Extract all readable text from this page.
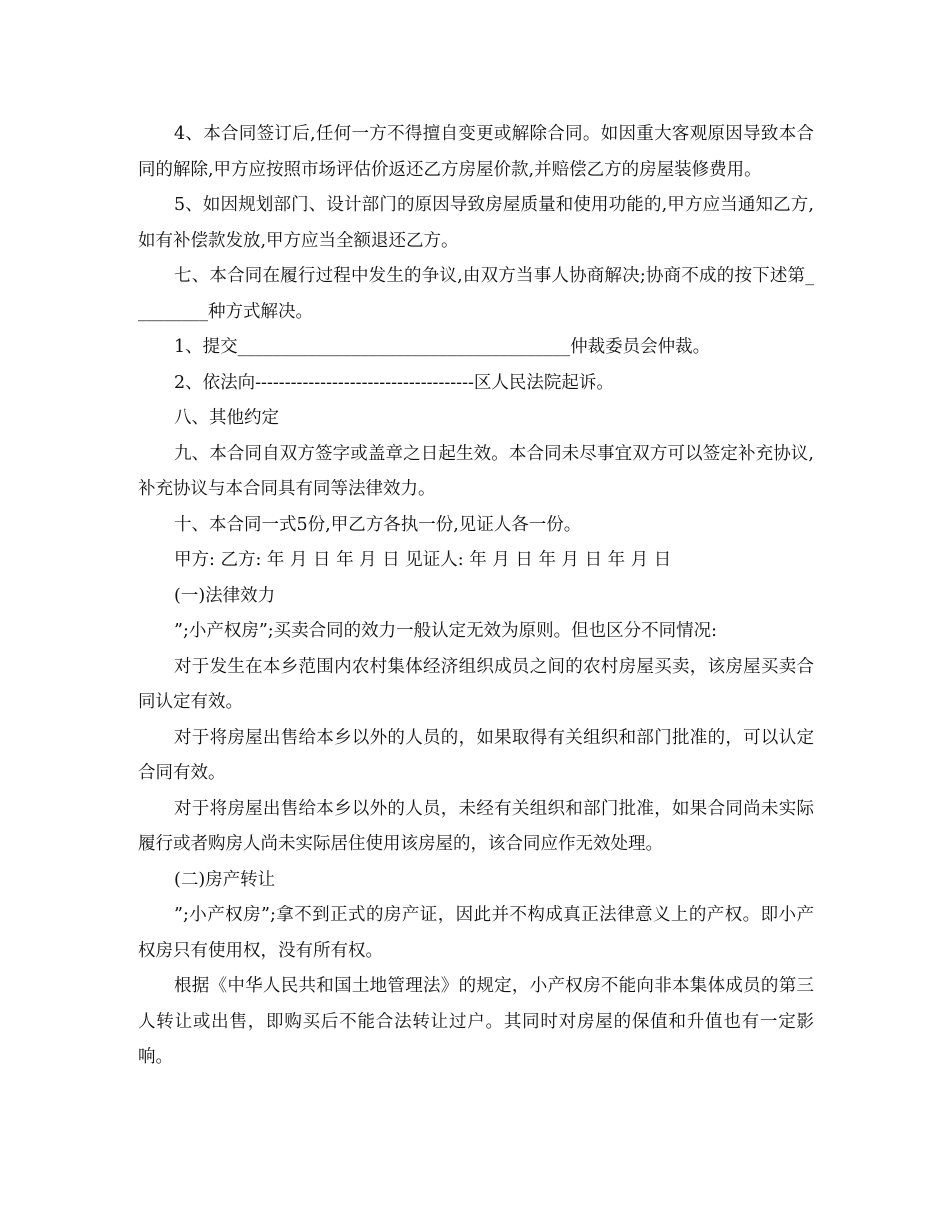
4、本合同签订后,任何一方不得擅自变更或解除合同。如因重大客观原因导致本合同的解除,甲方应按照市场评估价返还乙方房屋价款,并赔偿乙方的房屋装修费用。

5、如因规划部门、设计部门的原因导致房屋质量和使用功能的,甲方应当通知乙方,如有补偿款发放,甲方应当全额退还乙方。

七、本合同在履行过程中发生的争议,由双方当事人协商解决;协商不成的按下述第_________种方式解决。

1、提交______________________________________仲裁委员会仲裁。

2、依法向-------------------------------------区人民法院起诉。

八、其他约定

九、本合同自双方签字或盖章之日起生效。本合同未尽事宜双方可以签定补充协议,补充协议与本合同具有同等法律效力。

十、本合同一式5份,甲乙方各执一份,见证人各一份。

甲方: 乙方: 年 月 日 年 月 日 见证人: 年 月 日 年 月 日 年 月 日

(一)法律效力

”;小产权房”;买卖合同的效力一般认定无效为原则。但也区分不同情况:

对于发生在本乡范围内农村集体经济组织成员之间的农村房屋买卖，该房屋买卖合同认定有效。

对于将房屋出售给本乡以外的人员的，如果取得有关组织和部门批准的，可以认定合同有效。

对于将房屋出售给本乡以外的人员，未经有关组织和部门批准，如果合同尚未实际履行或者购房人尚未实际居住使用该房屋的，该合同应作无效处理。

(二)房产转让

”;小产权房”;拿不到正式的房产证，因此并不构成真正法律意义上的产权。即小产权房只有使用权，没有所有权。

根据《中华人民共和国土地管理法》的规定，小产权房不能向非本集体成员的第三人转让或出售，即购买后不能合法转让过户。其同时对房屋的保值和升值也有一定影响。
